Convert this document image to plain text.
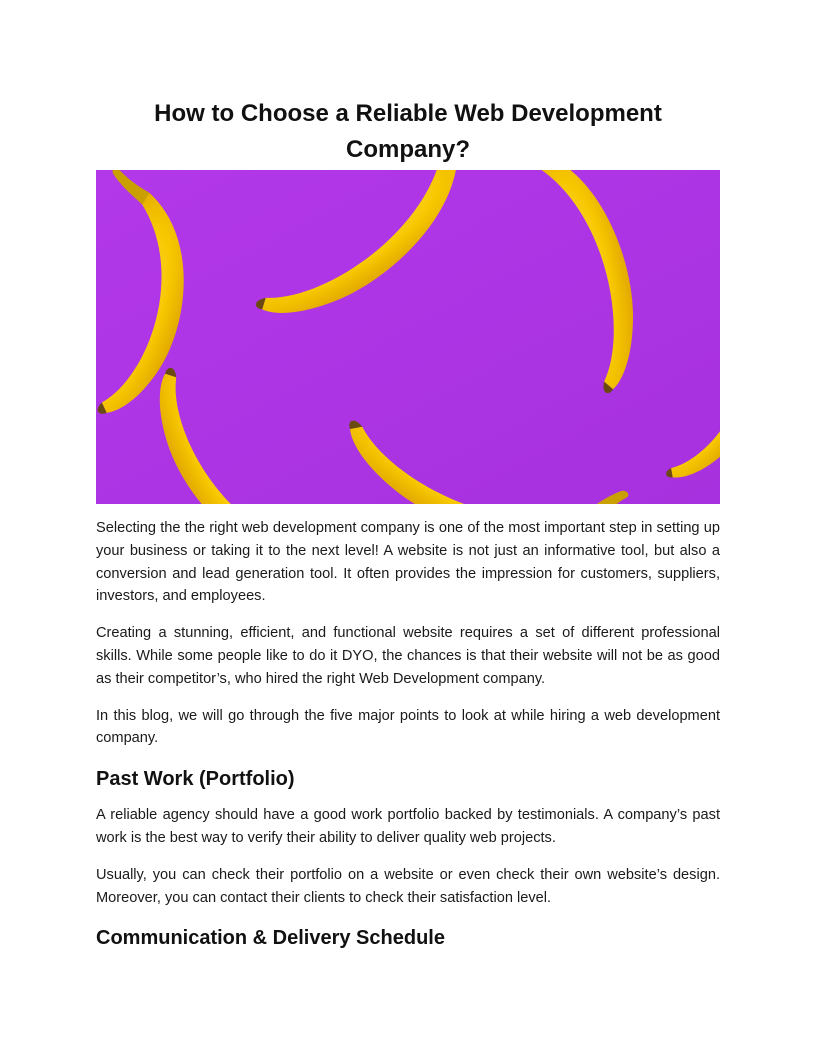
How to Choose a Reliable Web Development Company?

Selecting the the right web development company is one of the most important step in setting up your business or taking it to the next level! A website is not just an informative tool, but also a conversion and lead generation tool. It often provides the impression for customers, suppliers, investors, and employees.

Creating a stunning, efficient, and functional website requires a set of different professional skills. While some people like to do it DYO, the chances is that their website will not be as good as their competitor’s, who hired the right Web Development company.

In this blog, we will go through the five major points to look at while hiring a web development company.

Past Work (Portfolio)

A reliable agency should have a good work portfolio backed by testimonials. A company’s past work is the best way to verify their ability to deliver quality web projects.

Usually, you can check their portfolio on a website or even check their own website’s design. Moreover, you can contact their clients to check their satisfaction level.

Communication & Delivery Schedule
